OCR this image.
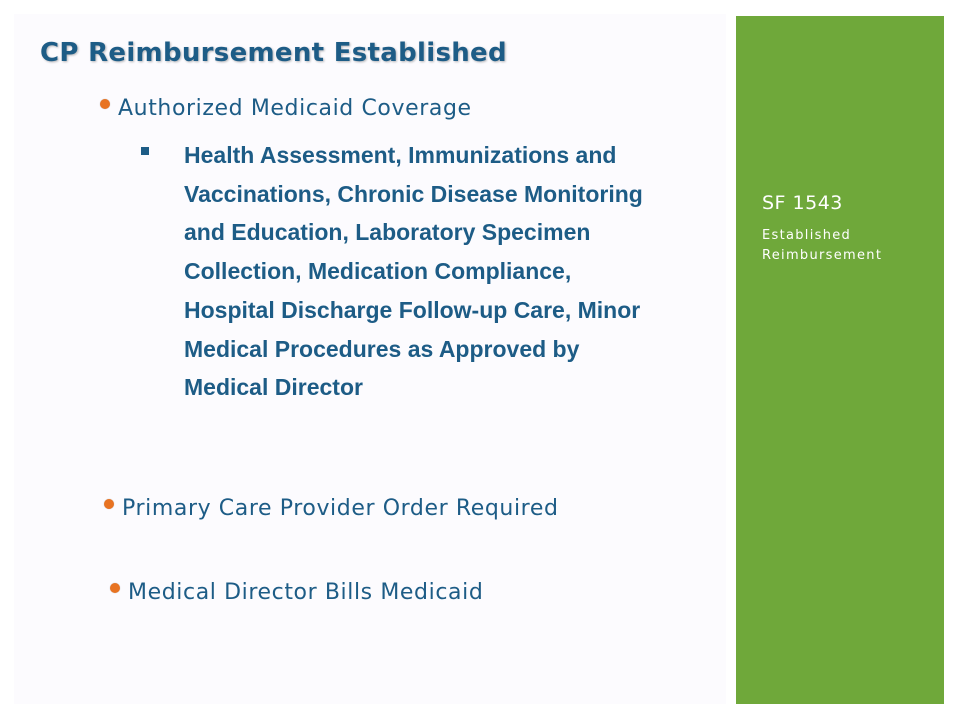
CP Reimbursement Established
Authorized Medicaid Coverage
Health Assessment, Immunizations and Vaccinations, Chronic Disease Monitoring and Education, Laboratory Specimen Collection, Medication Compliance, Hospital Discharge Follow-up Care, Minor Medical Procedures as Approved by Medical Director
Primary Care Provider Order Required
Medical Director Bills Medicaid
SF 1543
Established Reimbursement
